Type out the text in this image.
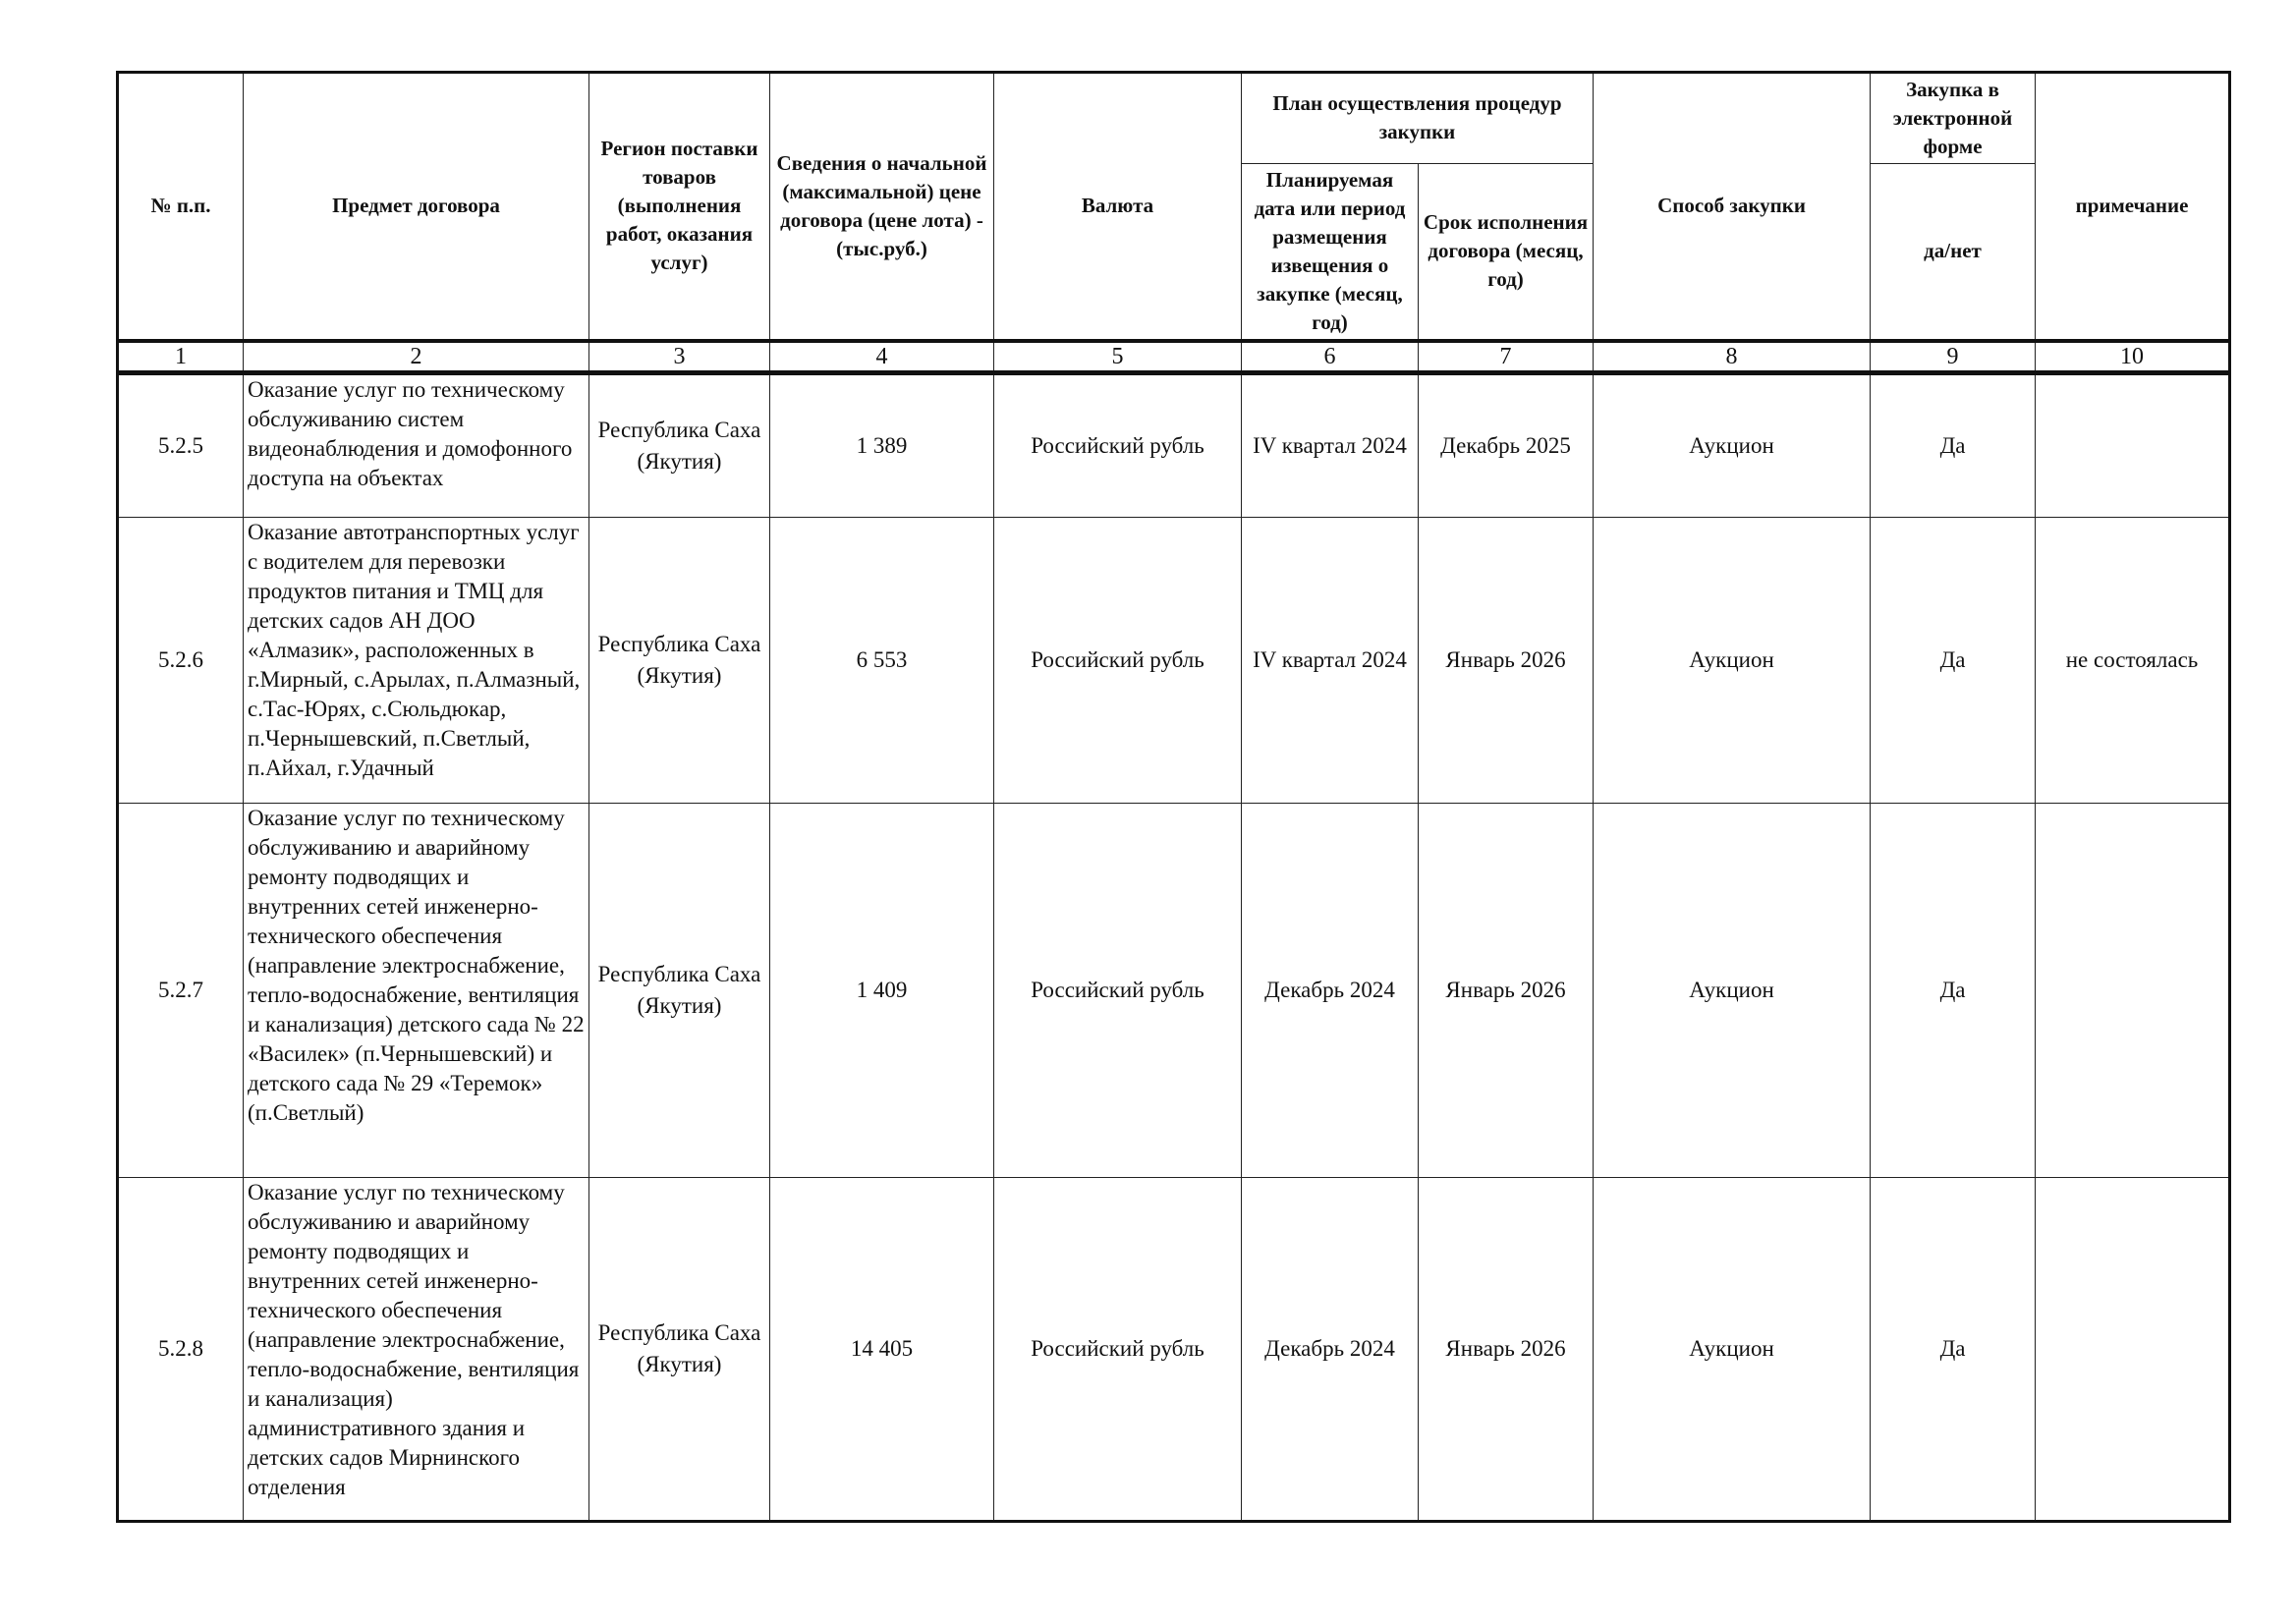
№ п.п.	Предмет договора	Регион поставки товаров (выполнения работ, оказания услуг)	Сведения о начальной (максимальной) цене договора (цене лота) - (тыс.руб.)	Валюта	План осуществления процедур закупки		Способ закупки	Закупка в электронной форме	примечание
					Планируемая дата или период размещения извещения о закупке (месяц, год)	Срок исполнения договора (месяц, год)		да/нет	
1	2	3	4	5	6	7	8	9	10
5.2.5	Оказание услуг по техническому обслуживанию систем видеонаблюдения и домофонного доступа на объектах	Республика Саха (Якутия)	1 389	Российский рубль	IV квартал 2024	Декабрь 2025	Аукцион	Да	
5.2.6	Оказание автотранспортных услуг с водителем для перевозки продуктов питания и ТМЦ для детских садов АН ДОО «Алмазик», расположенных в г.Мирный, с.Арылах, п.Алмазный, с.Тас-Юрях, с.Сюльдюкар, п.Чернышевский, п.Светлый, п.Айхал, г.Удачный	Республика Саха (Якутия)	6 553	Российский рубль	IV квартал 2024	Январь 2026	Аукцион	Да	не состоялась
5.2.7	Оказание услуг по техническому обслуживанию и аварийному ремонту подводящих и внутренних сетей инженерно-технического обеспечения (направление электроснабжение, тепло-водоснабжение, вентиляция и канализация) детского сада № 22 «Василек» (п.Чернышевский) и детского сада № 29 «Теремок» (п.Светлый)	Республика Саха (Якутия)	1 409	Российский рубль	Декабрь 2024	Январь 2026	Аукцион	Да	
5.2.8	Оказание услуг по техническому обслуживанию и аварийному ремонту подводящих и внутренних сетей инженерно-технического обеспечения (направление электроснабжение, тепло-водоснабжение, вентиляция и канализация) административного здания и детских садов Мирнинского отделения	Республика Саха (Якутия)	14 405	Российский рубль	Декабрь 2024	Январь 2026	Аукцион	Да	
